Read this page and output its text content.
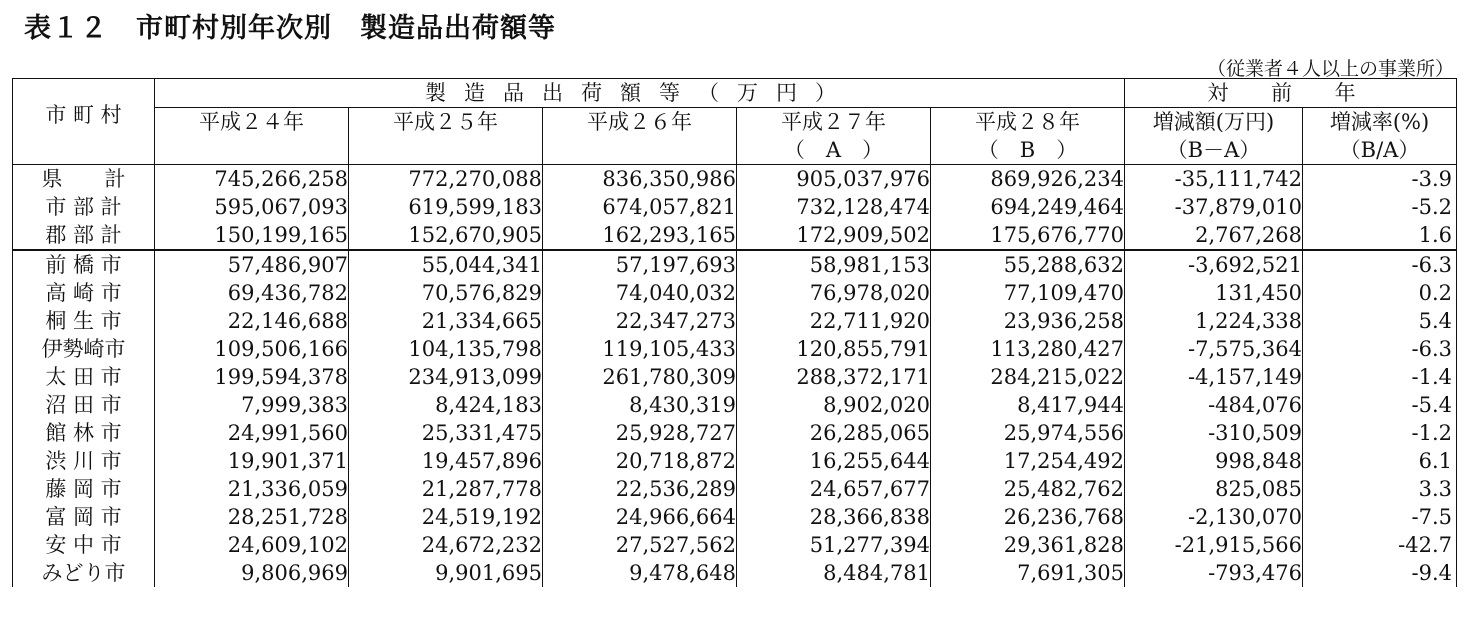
表１２　市町村別年次別　製造品出荷額等
（従業者４人以上の事業所）
市 町 村	製造品出荷額等（万円）					対 前 年	
	平成２４年	平成２５年	平成２６年	平成２７年	平成２８年	増減額(万円)	増減率(%)
				（　A　）	（　B　）	（B－A）	（B/A）
県　　計	745,266,258	772,270,088	836,350,986	905,037,976	869,926,234	-35,111,742	-3.9
市 部 計	595,067,093	619,599,183	674,057,821	732,128,474	694,249,464	-37,879,010	-5.2
郡 部 計	150,199,165	152,670,905	162,293,165	172,909,502	175,676,770	2,767,268	1.6
前 橋 市	57,486,907	55,044,341	57,197,693	58,981,153	55,288,632	-3,692,521	-6.3
高 崎 市	69,436,782	70,576,829	74,040,032	76,978,020	77,109,470	131,450	0.2
桐 生 市	22,146,688	21,334,665	22,347,273	22,711,920	23,936,258	1,224,338	5.4
伊勢崎市	109,506,166	104,135,798	119,105,433	120,855,791	113,280,427	-7,575,364	-6.3
太 田 市	199,594,378	234,913,099	261,780,309	288,372,171	284,215,022	-4,157,149	-1.4
沼 田 市	7,999,383	8,424,183	8,430,319	8,902,020	8,417,944	-484,076	-5.4
館 林 市	24,991,560	25,331,475	25,928,727	26,285,065	25,974,556	-310,509	-1.2
渋 川 市	19,901,371	19,457,896	20,718,872	16,255,644	17,254,492	998,848	6.1
藤 岡 市	21,336,059	21,287,778	22,536,289	24,657,677	25,482,762	825,085	3.3
富 岡 市	28,251,728	24,519,192	24,966,664	28,366,838	26,236,768	-2,130,070	-7.5
安 中 市	24,609,102	24,672,232	27,527,562	51,277,394	29,361,828	-21,915,566	-42.7
みどり市	9,806,969	9,901,695	9,478,648	8,484,781	7,691,305	-793,476	-9.4
